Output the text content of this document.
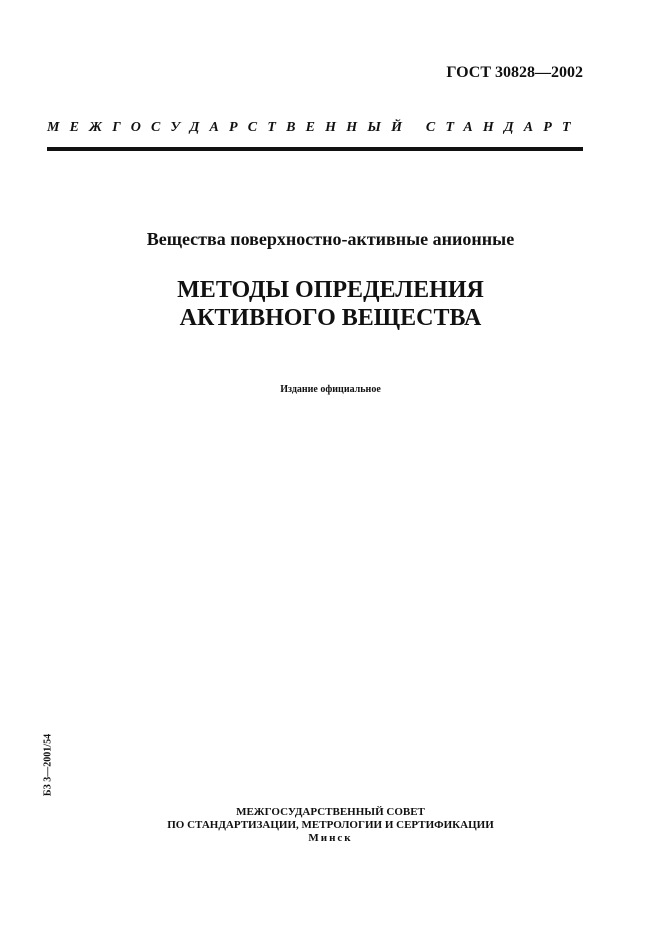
ГОСТ 30828—2002
МЕЖГОСУДАРСТВЕННЫЙ СТАНДАРТ
Вещества поверхностно-активные анионные
МЕТОДЫ ОПРЕДЕЛЕНИЯ
АКТИВНОГО ВЕЩЕСТВА
Издание официальное
БЗ 3—2001/54
МЕЖГОСУДАРСТВЕННЫЙ СОВЕТ
ПО СТАНДАРТИЗАЦИИ, МЕТРОЛОГИИ И СЕРТИФИКАЦИИ
Минск
